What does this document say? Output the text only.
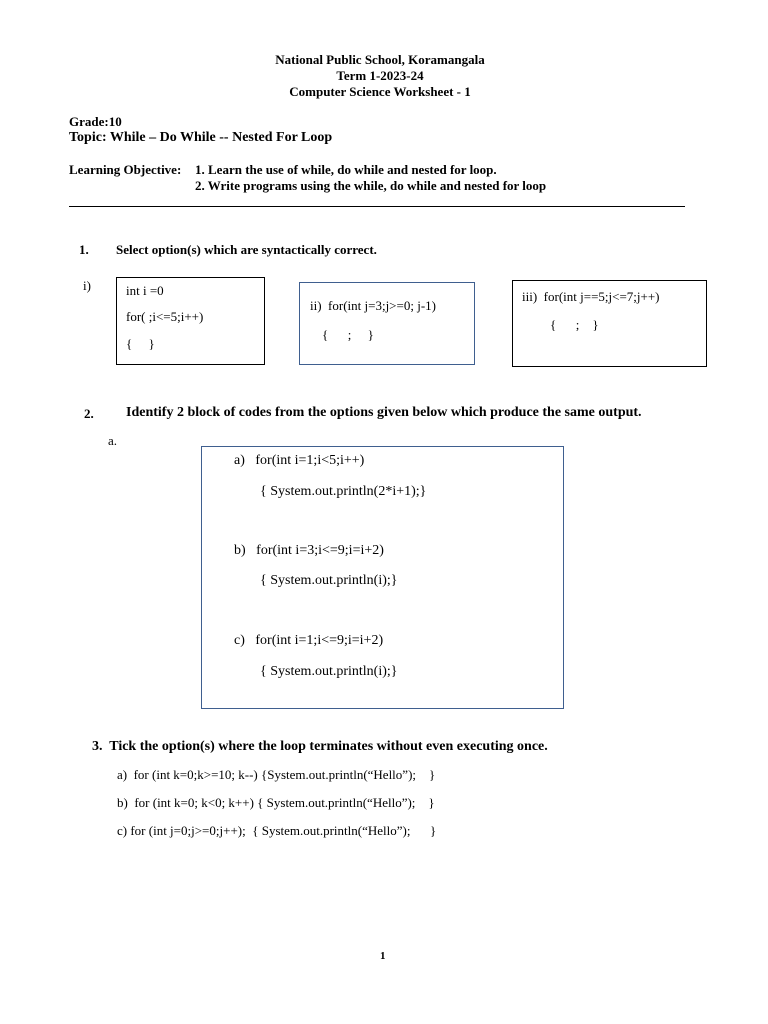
National Public School, Koramangala
Term 1-2023-24
Computer Science Worksheet - 1
Grade:10
Topic: While – Do While -- Nested For Loop
Learning Objective: 1. Learn the use of while, do while and nested for loop.
2. Write programs using the while, do while and nested for loop
1. Select option(s) which are syntactically correct.
i)	int i =0
for( ;i<=5;i++)
{     }
ii)  for(int j=3;j>=0; j-1)
{      ;     }
iii)  for(int j==5;j<=7;j++)
{      ;    }
2. Identify 2 block of codes from the options given below which produce the same output.
a.
a)   for(int i=1;i<5;i++)
{ System.out.println(2*i+1);}
b)   for(int i=3;i<=9;i=i+2)
{ System.out.println(i);}
c)   for(int i=1;i<=9;i=i+2)
{ System.out.println(i);}
3.  Tick the option(s) where the loop terminates without even executing once.
a)  for (int k=0;k>=10; k--) {System.out.println(“Hello”);    }
b)  for (int k=0; k<0; k++) { System.out.println(“Hello”);    }
c) for (int j=0;j>=0;j++);  { System.out.println(“Hello”);      }
1
